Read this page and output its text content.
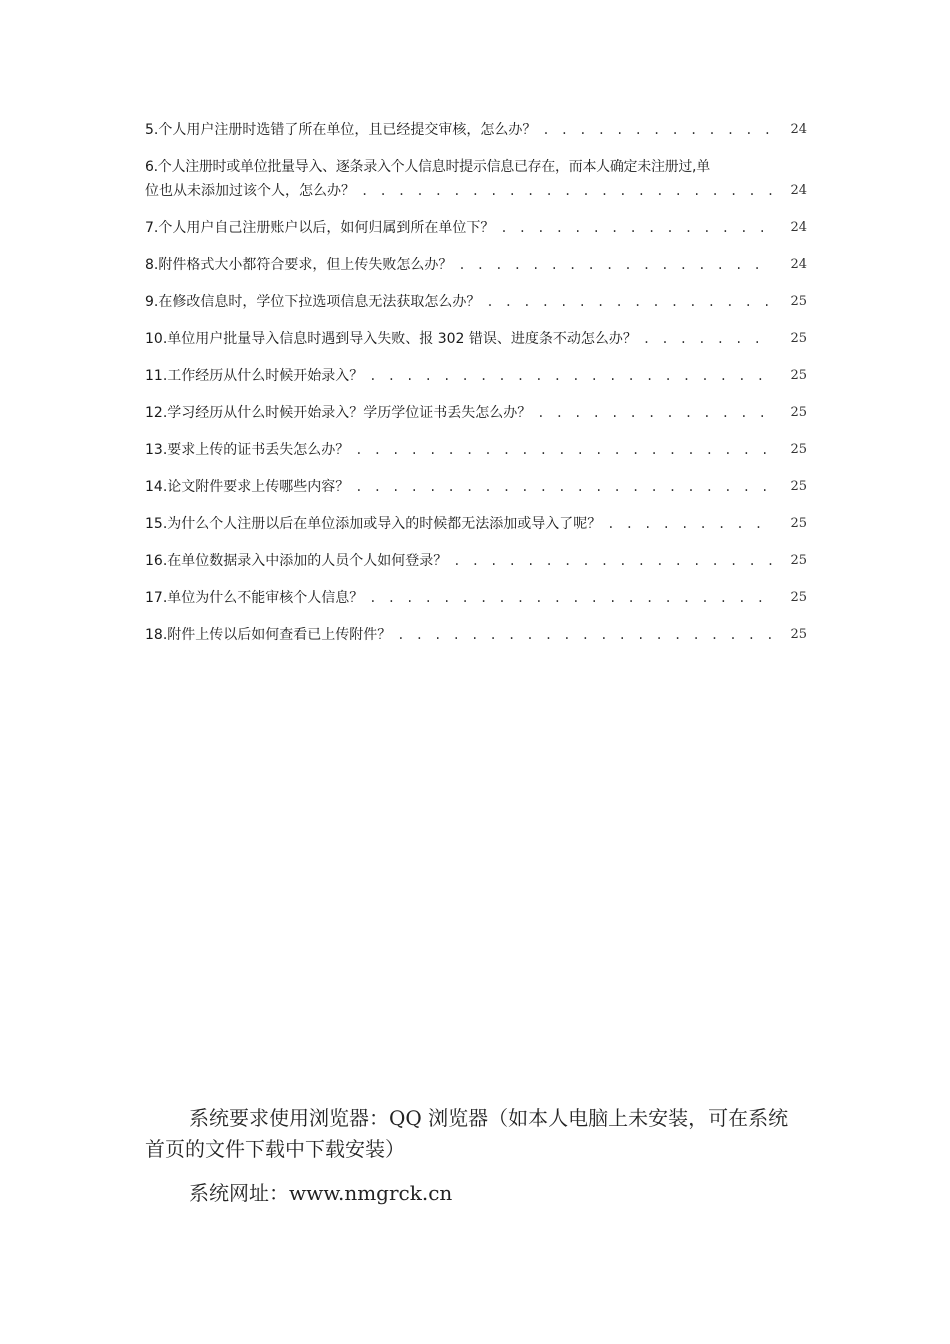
5.个人用户注册时选错了所在单位，且已经提交审核，怎么办？ . . .	24
6.个人注册时或单位批量导入、逐条录入个人信息时提示信息已存在，而本人确定未注册过,单
位也从未添加过该个人，怎么办？ . . .	24
7.个人用户自己注册账户以后，如何归属到所在单位下？ . . .	24
8.附件格式大小都符合要求，但上传失败怎么办？ . . .	24
9.在修改信息时，学位下拉选项信息无法获取怎么办？ . . .	25
10.单位用户批量导入信息时遇到导入失败、报 302 错误、进度条不动怎么办？ . . .	25
11.工作经历从什么时候开始录入？ . . .	25
12.学习经历从什么时候开始录入？学历学位证书丢失怎么办？ . . .	25
13.要求上传的证书丢失怎么办？ . . .	25
14.论文附件要求上传哪些内容？ . . .	25
15.为什么个人注册以后在单位添加或导入的时候都无法添加或导入了呢？ . . .	25
16.在单位数据录入中添加的人员个人如何登录？ . . .	25
17.单位为什么不能审核个人信息？ . . .	25
18.附件上传以后如何查看已上传附件？ . . .	25
系统要求使用浏览器：QQ 浏览器（如本人电脑上未安装，可在系统首页的文件下载中下载安装）
系统网址：www.nmgrck.cn
